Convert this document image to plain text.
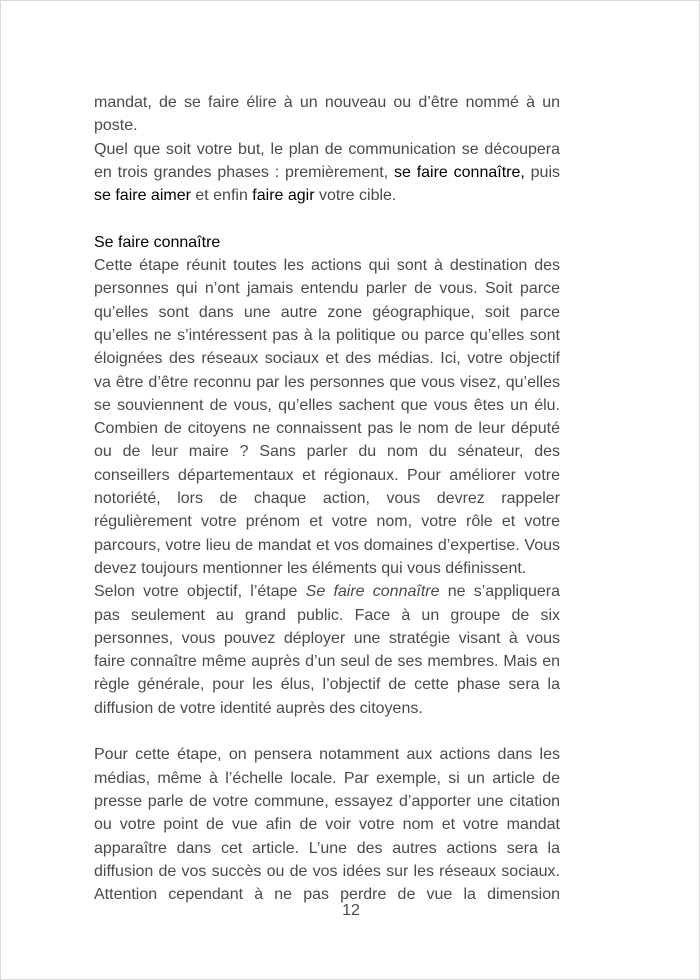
mandat, de se faire élire à un nouveau ou d’être nommé à un poste.

Quel que soit votre but, le plan de communication se découpera en trois grandes phases : premièrement, se faire connaître, puis se faire aimer et enfin faire agir votre cible.

Se faire connaître

Cette étape réunit toutes les actions qui sont à destination des personnes qui n’ont jamais entendu parler de vous. Soit parce qu’elles sont dans une autre zone géographique, soit parce qu’elles ne s’intéressent pas à la politique ou parce qu’elles sont éloignées des réseaux sociaux et des médias. Ici, votre objectif va être d’être reconnu par les personnes que vous visez, qu’elles se souviennent de vous, qu’elles sachent que vous êtes un élu. Combien de citoyens ne connaissent pas le nom de leur député ou de leur maire ? Sans parler du nom du sénateur, des conseillers départementaux et régionaux. Pour améliorer votre notoriété, lors de chaque action, vous devrez rappeler régulièrement votre prénom et votre nom, votre rôle et votre parcours, votre lieu de mandat et vos domaines d’expertise. Vous devez toujours mentionner les éléments qui vous définissent.

Selon votre objectif, l’étape Se faire connaître ne s’appliquera pas seulement au grand public. Face à un groupe de six personnes, vous pouvez déployer une stratégie visant à vous faire connaître même auprès d’un seul de ses membres. Mais en règle générale, pour les élus, l’objectif de cette phase sera la diffusion de votre identité auprès des citoyens.

Pour cette étape, on pensera notamment aux actions dans les médias, même à l’échelle locale. Par exemple, si un article de presse parle de votre commune, essayez d’apporter une citation ou votre point de vue afin de voir votre nom et votre mandat apparaître dans cet article. L’une des autres actions sera la diffusion de vos succès ou de vos idées sur les réseaux sociaux. Attention cependant à ne pas perdre de vue la dimension

12
